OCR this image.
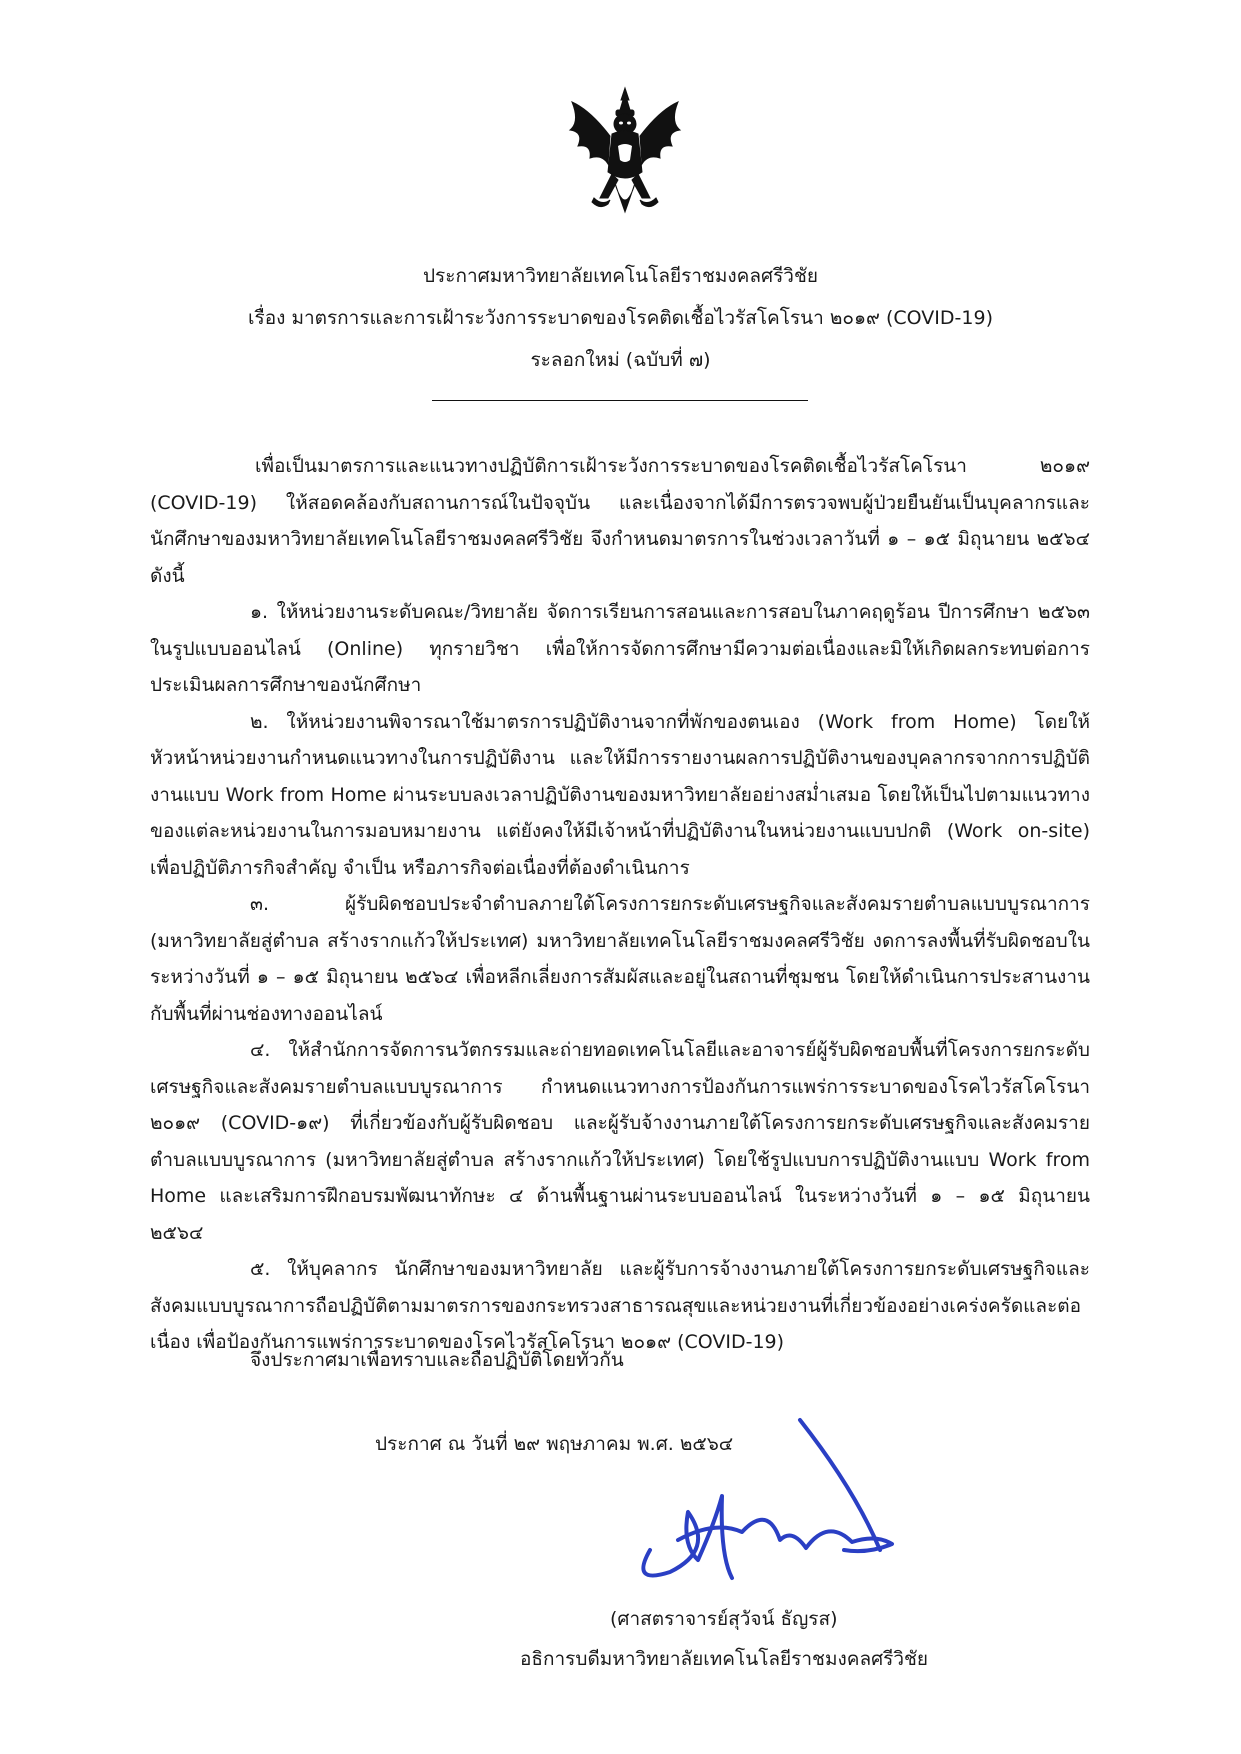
ประกาศมหาวิทยาลัยเทคโนโลยีราชมงคลศรีวิชัย
เรื่อง มาตรการและการเฝ้าระวังการระบาดของโรคติดเชื้อไวรัสโคโรนา ๒๐๑๙ (COVID-19)
ระลอกใหม่ (ฉบับที่ ๗)

เพื่อเป็นมาตรการและแนวทางปฏิบัติการเฝ้าระวังการระบาดของโรคติดเชื้อไวรัสโคโรนา ๒๐๑๙ (COVID-19) ให้สอดคล้องกับสถานการณ์ในปัจจุบัน และเนื่องจากได้มีการตรวจพบผู้ป่วยยืนยันเป็นบุคลากรและนักศึกษาของมหาวิทยาลัยเทคโนโลยีราชมงคลศรีวิชัย จึงกำหนดมาตรการในช่วงเวลาวันที่ ๑ – ๑๕ มิถุนายน ๒๕๖๔ ดังนี้

๑. ให้หน่วยงานระดับคณะ/วิทยาลัย จัดการเรียนการสอนและการสอบในภาคฤดูร้อน ปีการศึกษา ๒๕๖๓ ในรูปแบบออนไลน์ (Online) ทุกรายวิชา เพื่อให้การจัดการศึกษามีความต่อเนื่องและมิให้เกิดผลกระทบต่อการประเมินผลการศึกษาของนักศึกษา

๒. ให้หน่วยงานพิจารณาใช้มาตรการปฏิบัติงานจากที่พักของตนเอง (Work from Home) โดยให้หัวหน้าหน่วยงานกำหนดแนวทางในการปฏิบัติงาน และให้มีการรายงานผลการปฏิบัติงานของบุคลากรจากการปฏิบัติงานแบบ Work from Home ผ่านระบบลงเวลาปฏิบัติงานของมหาวิทยาลัยอย่างสม่ำเสมอ โดยให้เป็นไปตามแนวทางของแต่ละหน่วยงานในการมอบหมายงาน แต่ยังคงให้มีเจ้าหน้าที่ปฏิบัติงานในหน่วยงานแบบปกติ (Work on-site) เพื่อปฏิบัติภารกิจสำคัญ จำเป็น หรือภารกิจต่อเนื่องที่ต้องดำเนินการ

๓. ผู้รับผิดชอบประจำตำบลภายใต้โครงการยกระดับเศรษฐกิจและสังคมรายตำบลแบบบูรณาการ (มหาวิทยาลัยสู่ตำบล สร้างรากแก้วให้ประเทศ) มหาวิทยาลัยเทคโนโลยีราชมงคลศรีวิชัย งดการลงพื้นที่รับผิดชอบในระหว่างวันที่ ๑ – ๑๕ มิถุนายน ๒๕๖๔ เพื่อหลีกเลี่ยงการสัมผัสและอยู่ในสถานที่ชุมชน โดยให้ดำเนินการประสานงานกับพื้นที่ผ่านช่องทางออนไลน์

๔. ให้สำนักการจัดการนวัตกรรมและถ่ายทอดเทคโนโลยีและอาจารย์ผู้รับผิดชอบพื้นที่โครงการยกระดับเศรษฐกิจและสังคมรายตำบลแบบบูรณาการ กำหนดแนวทางการป้องกันการแพร่การระบาดของโรคไวรัสโคโรนา ๒๐๑๙ (COVID-๑๙) ที่เกี่ยวข้องกับผู้รับผิดชอบ และผู้รับจ้างงานภายใต้โครงการยกระดับเศรษฐกิจและสังคมรายตำบลแบบบูรณาการ (มหาวิทยาลัยสู่ตำบล สร้างรากแก้วให้ประเทศ) โดยใช้รูปแบบการปฏิบัติงานแบบ Work from Home และเสริมการฝึกอบรมพัฒนาทักษะ ๔ ด้านพื้นฐานผ่านระบบออนไลน์ ในระหว่างวันที่ ๑ – ๑๕ มิถุนายน ๒๕๖๔

๕. ให้บุคลากร นักศึกษาของมหาวิทยาลัย และผู้รับการจ้างงานภายใต้โครงการยกระดับเศรษฐกิจและสังคมแบบบูรณาการถือปฏิบัติตามมาตรการของกระทรวงสาธารณสุขและหน่วยงานที่เกี่ยวข้องอย่างเคร่งครัดและต่อเนื่อง เพื่อป้องกันการแพร่การระบาดของโรคไวรัสโคโรนา ๒๐๑๙ (COVID-19)

จึงประกาศมาเพื่อทราบและถือปฏิบัติโดยทั่วกัน
ประกาศ ณ วันที่ ๒๙ พฤษภาคม พ.ศ. ๒๕๖๔
(ศาสตราจารย์สุวัจน์ ธัญรส)
อธิการบดีมหาวิทยาลัยเทคโนโลยีราชมงคลศรีวิชัย
